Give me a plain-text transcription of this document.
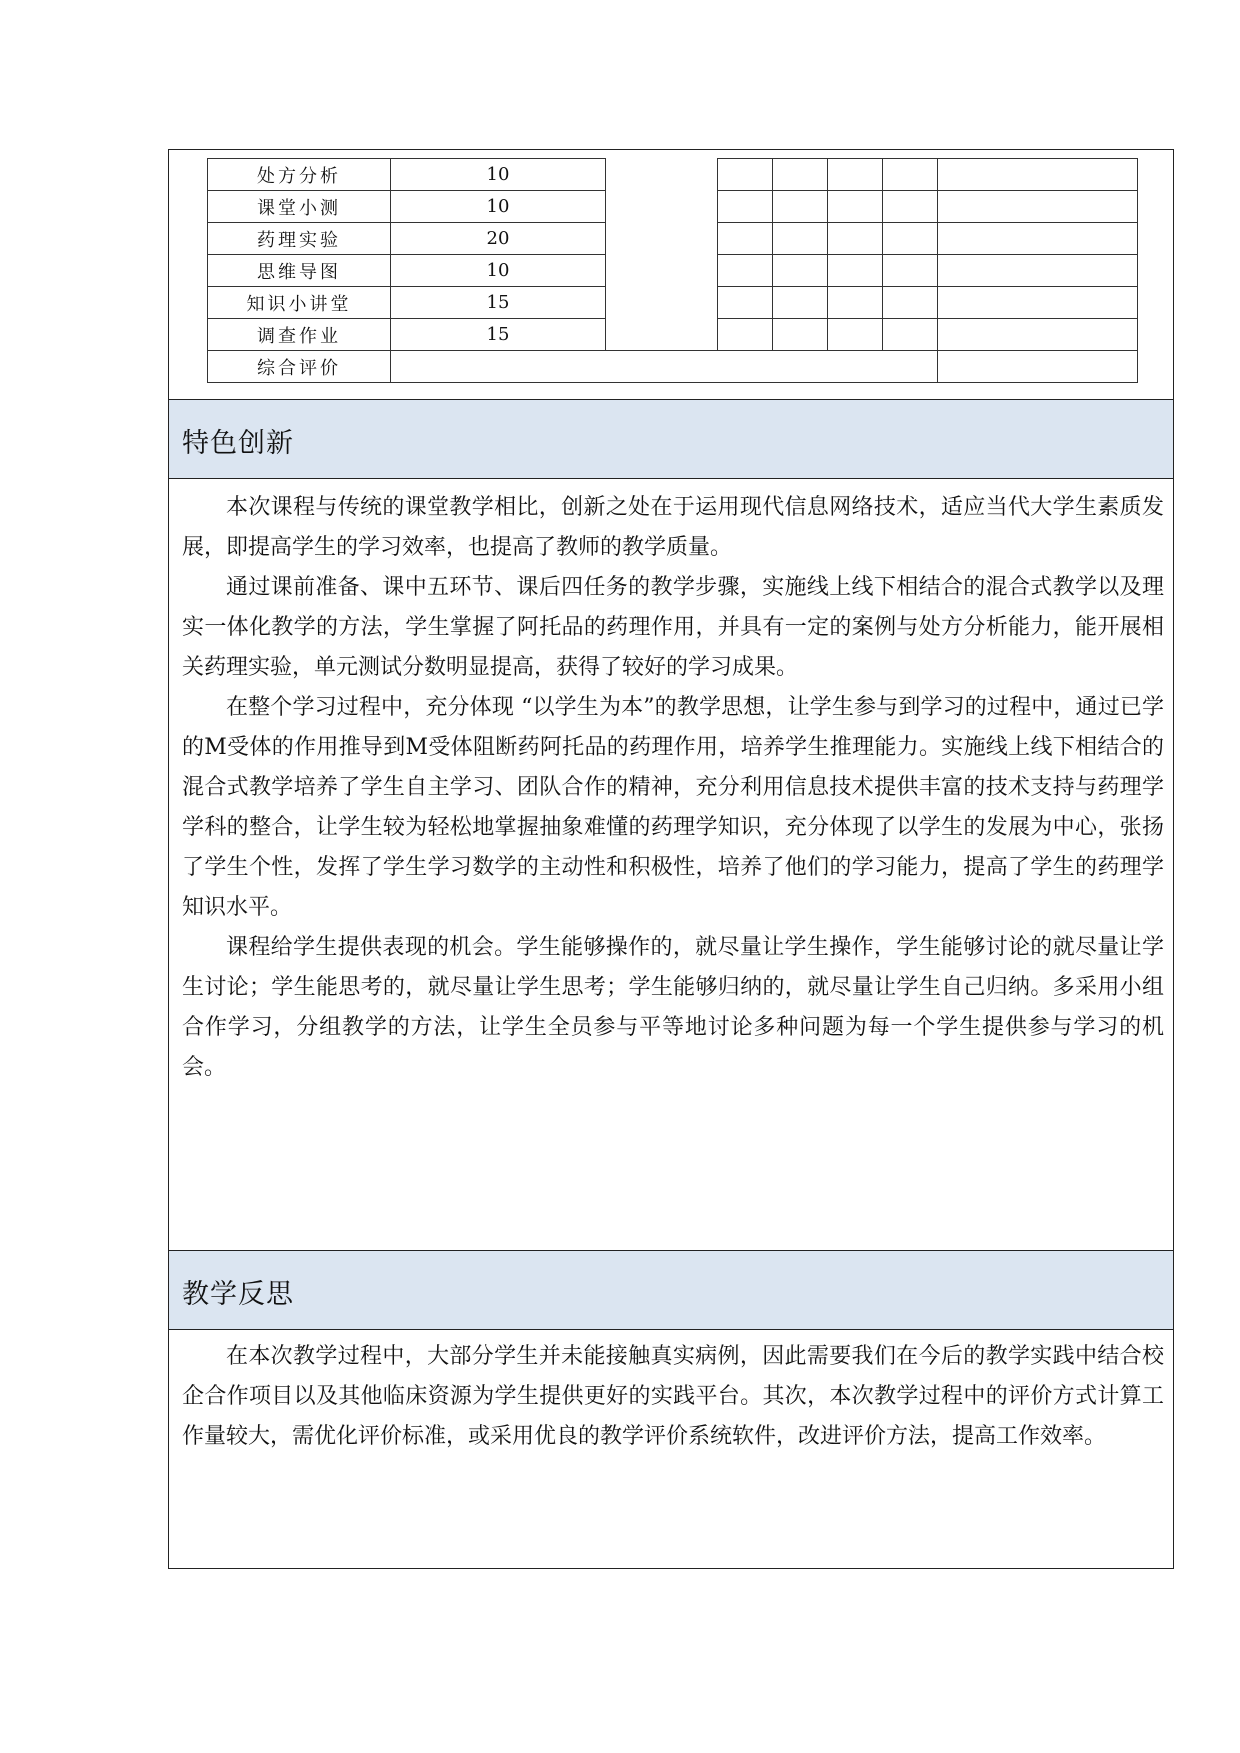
处方分析	10						
课堂小测	10						
药理实验	20						
思维导图	10						
知识小讲堂	15						
调查作业	15						
综合评价							
特色创新

本次课程与传统的课堂教学相比，创新之处在于运用现代信息网络技术，适应当代大学生素质发展，即提高学生的学习效率，也提高了教师的教学质量。

通过课前准备、课中五环节、课后四任务的教学步骤，实施线上线下相结合的混合式教学以及理实一体化教学的方法，学生掌握了阿托品的药理作用，并具有一定的案例与处方分析能力，能开展相关药理实验，单元测试分数明显提高，获得了较好的学习成果。

在整个学习过程中，充分体现 “以学生为本”的教学思想，让学生参与到学习的过程中，通过已学的M受体的作用推导到M受体阻断药阿托品的药理作用，培养学生推理能力。实施线上线下相结合的混合式教学培养了学生自主学习、团队合作的精神，充分利用信息技术提供丰富的技术支持与药理学学科的整合，让学生较为轻松地掌握抽象难懂的药理学知识，充分体现了以学生的发展为中心，张扬了学生个性，发挥了学生学习数学的主动性和积极性，培养了他们的学习能力，提高了学生的药理学知识水平。

课程给学生提供表现的机会。学生能够操作的，就尽量让学生操作，学生能够讨论的就尽量让学生讨论；学生能思考的，就尽量让学生思考；学生能够归纳的，就尽量让学生自己归纳。多采用小组合作学习，分组教学的方法，让学生全员参与平等地讨论多种问题为每一个学生提供参与学习的机会。

教学反思

在本次教学过程中，大部分学生并未能接触真实病例，因此需要我们在今后的教学实践中结合校企合作项目以及其他临床资源为学生提供更好的实践平台。其次，本次教学过程中的评价方式计算工作量较大，需优化评价标准，或采用优良的教学评价系统软件，改进评价方法，提高工作效率。
